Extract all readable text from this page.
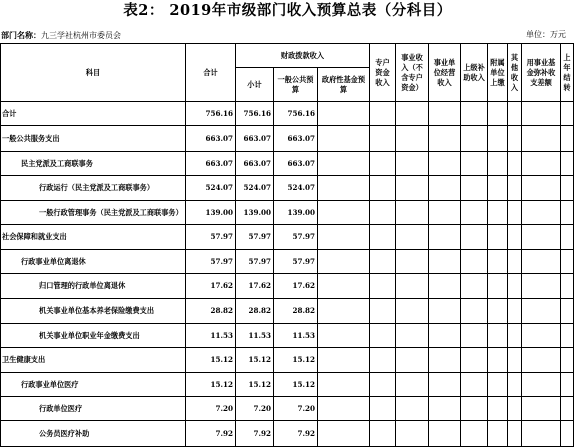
表2： 2019年市级部门收入预算总表（分科目）
部门名称：九三学社杭州市委员会	单位：万元
科目	合计	财政拨款收入			专户资金收入	事业收入（不含专户资金）	事业单位经营收入	上级补助收入	附属单位上缴	其他收入	用事业基金弥补收支差额	上年结转
		小计	一般公共预算	政府性基金预算								
合计	756.16	756.16	756.16									
一般公共服务支出	663.07	663.07	663.07									
民主党派及工商联事务	663.07	663.07	663.07									
行政运行（民主党派及工商联事务）	524.07	524.07	524.07									
一般行政管理事务（民主党派及工商联事务）	139.00	139.00	139.00									
社会保障和就业支出	57.97	57.97	57.97									
行政事业单位离退休	57.97	57.97	57.97									
归口管理的行政单位离退休	17.62	17.62	17.62									
机关事业单位基本养老保险缴费支出	28.82	28.82	28.82									
机关事业单位职业年金缴费支出	11.53	11.53	11.53									
卫生健康支出	15.12	15.12	15.12									
行政事业单位医疗	15.12	15.12	15.12									
行政单位医疗	7.20	7.20	7.20									
公务员医疗补助	7.92	7.92	7.92									
